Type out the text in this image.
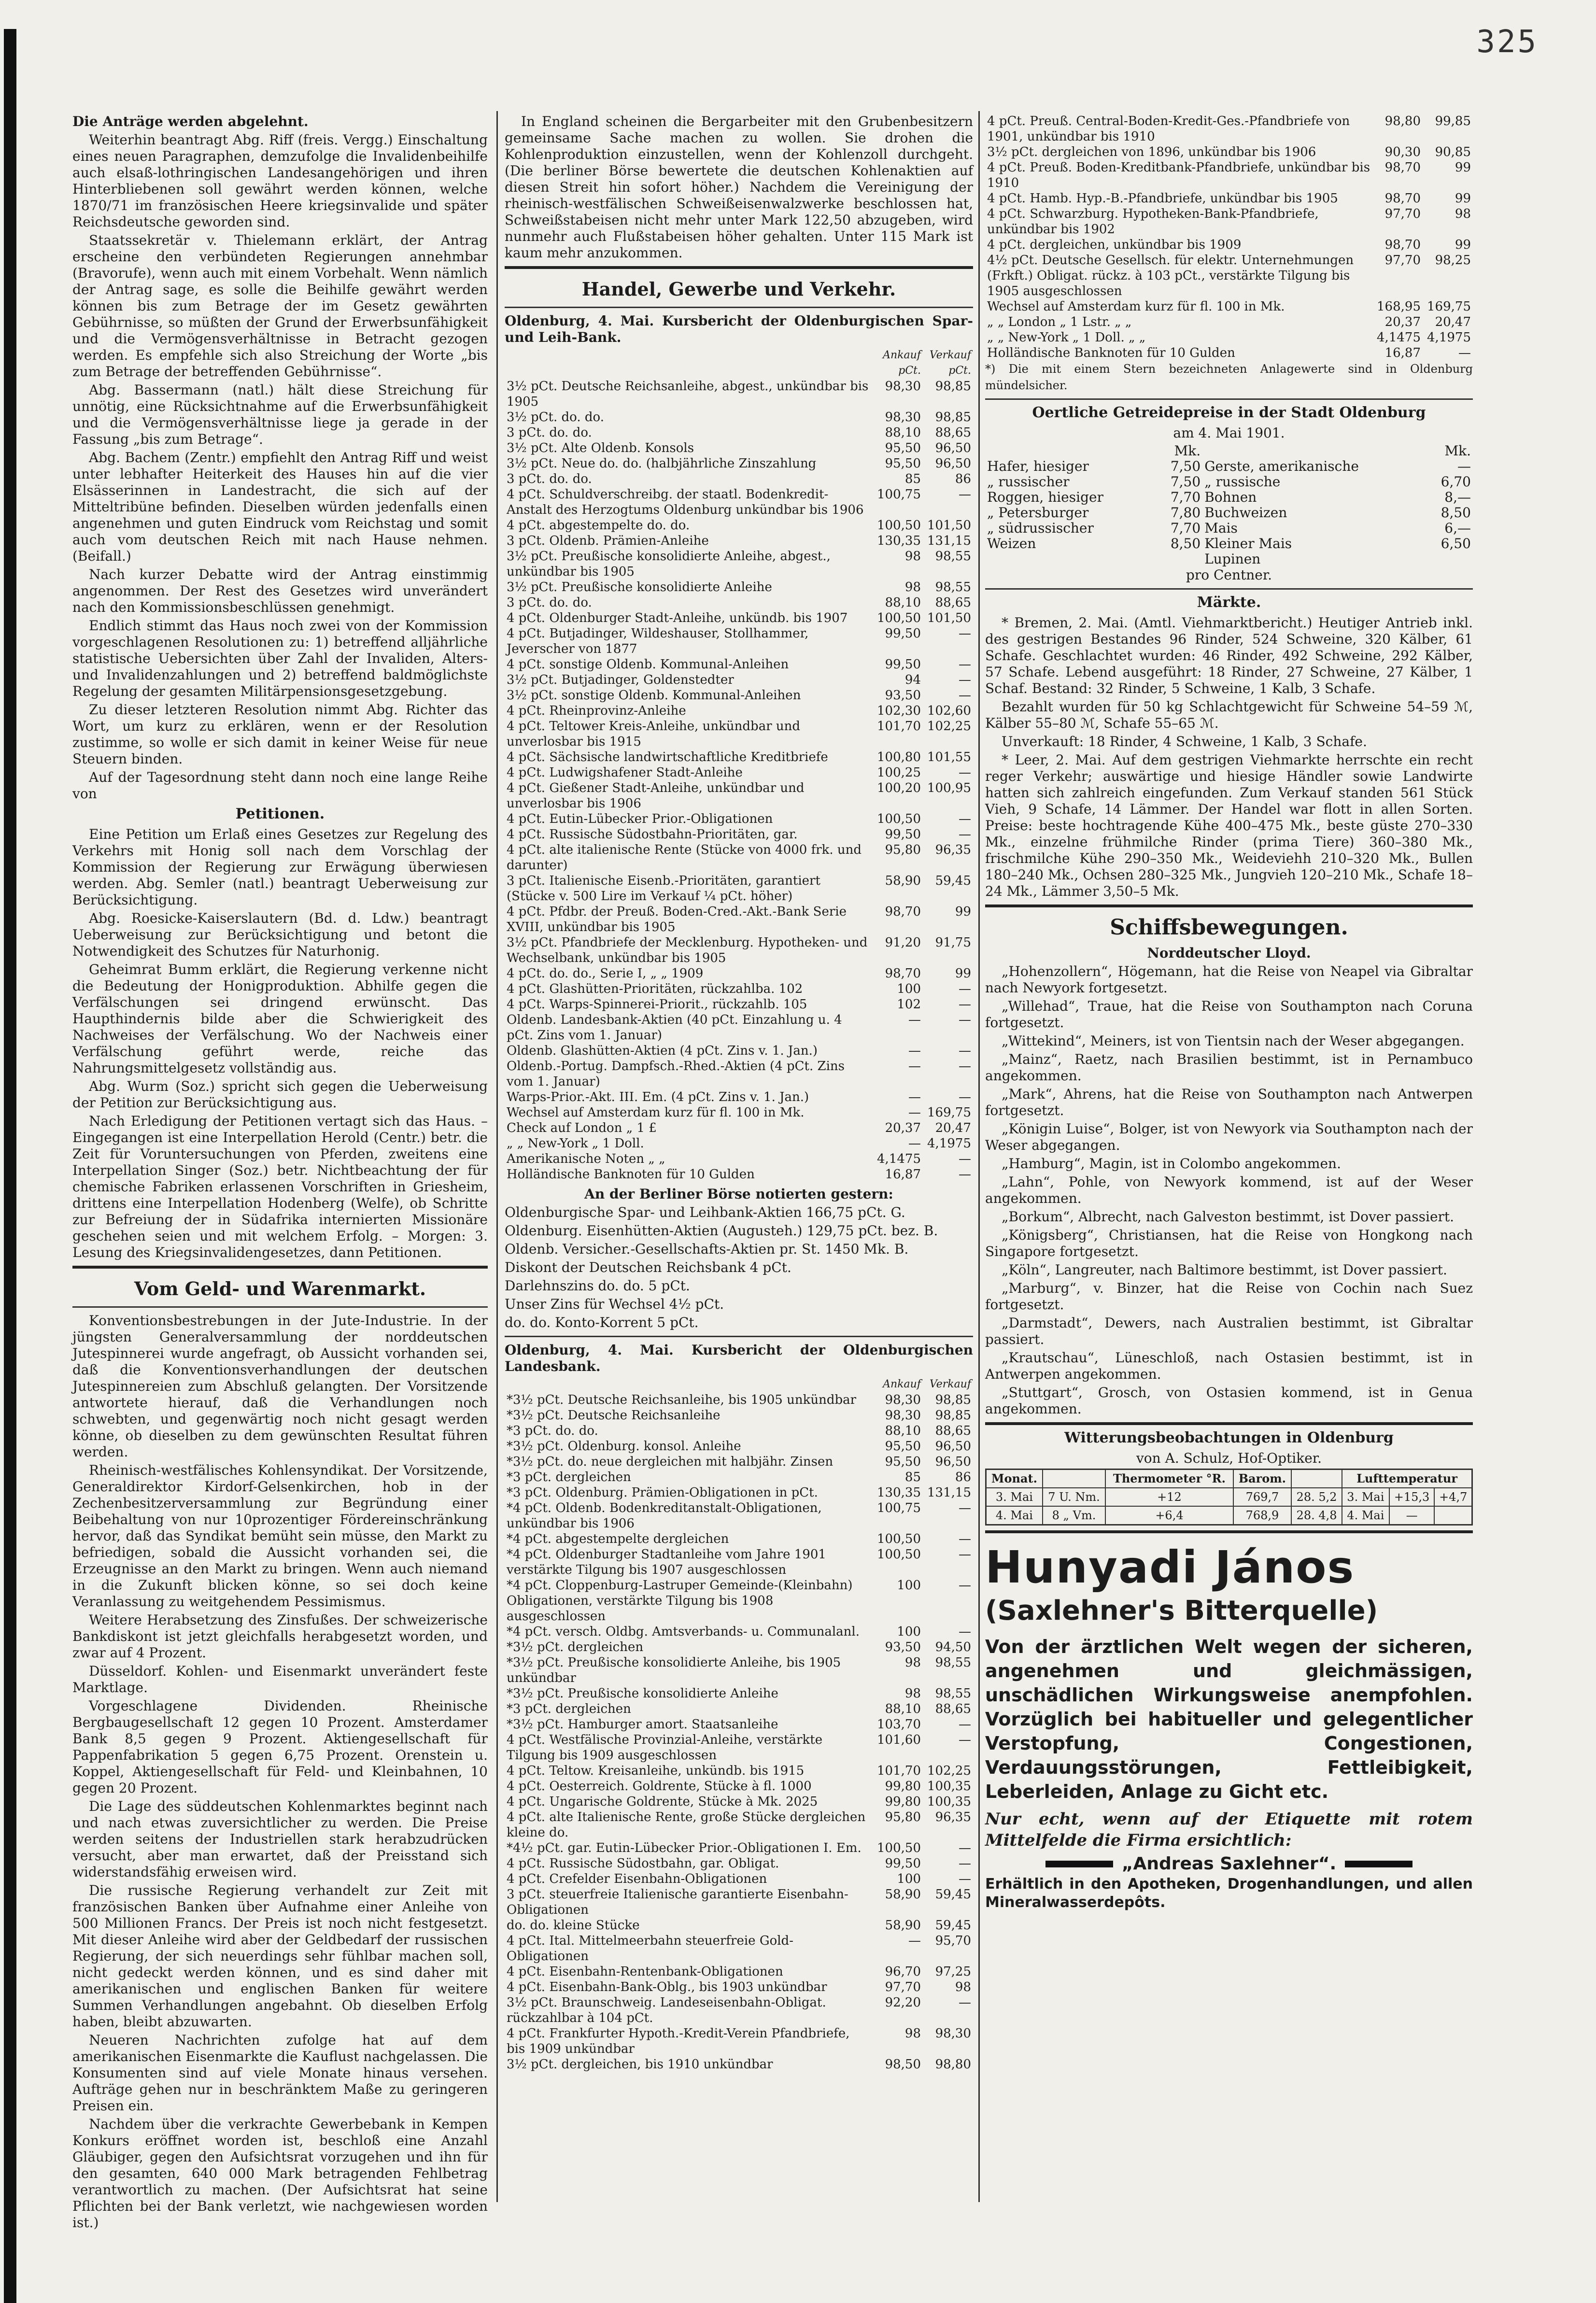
325

Die Anträge werden abgelehnt.

Weiterhin beantragt Abg. Riff (freis. Vergg.) Einschaltung eines neuen Paragraphen, demzufolge die Invalidenbeihilfe auch elsaß-lothringischen Landesangehörigen und ihren Hinterbliebenen soll gewährt werden können, welche 1870/71 im französischen Heere kriegsinvalide und später Reichsdeutsche geworden sind.

Staatssekretär v. Thielemann erklärt, der Antrag erscheine den verbündeten Regierungen annehmbar (Bravorufe), wenn auch mit einem Vorbehalt. Wenn nämlich der Antrag sage, es solle die Beihilfe gewährt werden können bis zum Betrage der im Gesetz gewährten Gebührnisse, so müßten der Grund der Erwerbsunfähigkeit und die Vermögensverhältnisse in Betracht gezogen werden. Es empfehle sich also Streichung der Worte „bis zum Betrage der betreffenden Gebührnisse“.

Abg. Bassermann (natl.) hält diese Streichung für unnötig, eine Rücksichtnahme auf die Erwerbsunfähigkeit und die Vermögensverhältnisse liege ja gerade in der Fassung „bis zum Betrage“.

Abg. Bachem (Zentr.) empfiehlt den Antrag Riff und weist unter lebhafter Heiterkeit des Hauses hin auf die vier Elsässerinnen in Landestracht, die sich auf der Mitteltribüne befinden. Dieselben würden jedenfalls einen angenehmen und guten Eindruck vom Reichstag und somit auch vom deutschen Reich mit nach Hause nehmen. (Beifall.)

Nach kurzer Debatte wird der Antrag einstimmig angenommen. Der Rest des Gesetzes wird unverändert nach den Kommissionsbeschlüssen genehmigt.

Endlich stimmt das Haus noch zwei von der Kommission vorgeschlagenen Resolutionen zu: 1) betreffend alljährliche statistische Uebersichten über Zahl der Invaliden, Alters- und Invalidenzahlungen und 2) betreffend baldmöglichste Regelung der gesamten Militärpensionsgesetzgebung.

Zu dieser letzteren Resolution nimmt Abg. Richter das Wort, um kurz zu erklären, wenn er der Resolution zustimme, so wolle er sich damit in keiner Weise für neue Steuern binden.

Auf der Tagesordnung steht dann noch eine lange Reihe von

Petitionen.

Eine Petition um Erlaß eines Gesetzes zur Regelung des Verkehrs mit Honig soll nach dem Vorschlag der Kommission der Regierung zur Erwägung überwiesen werden. Abg. Semler (natl.) beantragt Ueberweisung zur Berücksichtigung.

Abg. Roesicke-Kaiserslautern (Bd. d. Ldw.) beantragt Ueberweisung zur Berücksichtigung und betont die Notwendigkeit des Schutzes für Naturhonig.

Geheimrat Bumm erklärt, die Regierung verkenne nicht die Bedeutung der Honigproduktion. Abhilfe gegen die Verfälschungen sei dringend erwünscht. Das Haupthindernis bilde aber die Schwierigkeit des Nachweises der Verfälschung. Wo der Nachweis einer Verfälschung geführt werde, reiche das Nahrungsmittelgesetz vollständig aus.

Abg. Wurm (Soz.) spricht sich gegen die Ueberweisung der Petition zur Berücksichtigung aus.

Nach Erledigung der Petitionen vertagt sich das Haus. – Eingegangen ist eine Interpellation Herold (Centr.) betr. die Zeit für Voruntersuchungen von Pferden, zweitens eine Interpellation Singer (Soz.) betr. Nichtbeachtung der für chemische Fabriken erlassenen Vorschriften in Griesheim, drittens eine Interpellation Hodenberg (Welfe), ob Schritte zur Befreiung der in Südafrika internierten Missionäre geschehen seien und mit welchem Erfolg. – Morgen: 3. Lesung des Kriegsinvalidengesetzes, dann Petitionen.

Vom Geld- und Warenmarkt.

Konventionsbestrebungen in der Jute-Industrie. In der jüngsten Generalversammlung der norddeutschen Jutespinnerei wurde angefragt, ob Aussicht vorhanden sei, daß die Konventionsverhandlungen der deutschen Jutespinnereien zum Abschluß gelangten. Der Vorsitzende antwortete hierauf, daß die Verhandlungen noch schwebten, und gegenwärtig noch nicht gesagt werden könne, ob dieselben zu dem gewünschten Resultat führen werden.

Rheinisch-westfälisches Kohlensyndikat. Der Vorsitzende, Generaldirektor Kirdorf-Gelsenkirchen, hob in der Zechenbesitzerversammlung zur Begründung einer Beibehaltung von nur 10prozentiger Fördereinschränkung hervor, daß das Syndikat bemüht sein müsse, den Markt zu befriedigen, sobald die Aussicht vorhanden sei, die Erzeugnisse an den Markt zu bringen. Wenn auch niemand in die Zukunft blicken könne, so sei doch keine Veranlassung zu weitgehendem Pessimismus.

Weitere Herabsetzung des Zinsfußes. Der schweizerische Bankdiskont ist jetzt gleichfalls herabgesetzt worden, und zwar auf 4 Prozent.

Düsseldorf. Kohlen- und Eisenmarkt unverändert feste Marktlage.

Vorgeschlagene Dividenden. Rheinische Bergbaugesellschaft 12 gegen 10 Prozent. Amsterdamer Bank 8,5 gegen 9 Prozent. Aktiengesellschaft für Pappenfabrikation 5 gegen 6,75 Prozent. Orenstein u. Koppel, Aktiengesellschaft für Feld- und Kleinbahnen, 10 gegen 20 Prozent.

Die Lage des süddeutschen Kohlenmarktes beginnt nach und nach etwas zuversichtlicher zu werden. Die Preise werden seitens der Industriellen stark herabzudrücken versucht, aber man erwartet, daß der Preisstand sich widerstandsfähig erweisen wird.

Die russische Regierung verhandelt zur Zeit mit französischen Banken über Aufnahme einer Anleihe von 500 Millionen Francs. Der Preis ist noch nicht festgesetzt. Mit dieser Anleihe wird aber der Geldbedarf der russischen Regierung, der sich neuerdings sehr fühlbar machen soll, nicht gedeckt werden können, und es sind daher mit amerikanischen und englischen Banken für weitere Summen Verhandlungen angebahnt. Ob dieselben Erfolg haben, bleibt abzuwarten.

Neueren Nachrichten zufolge hat auf dem amerikanischen Eisenmarkte die Kauflust nachgelassen. Die Konsumenten sind auf viele Monate hinaus versehen. Aufträge gehen nur in beschränktem Maße zu geringeren Preisen ein.

Nachdem über die verkrachte Gewerbebank in Kempen Konkurs eröffnet worden ist, beschloß eine Anzahl Gläubiger, gegen den Aufsichtsrat vorzugehen und ihn für den gesamten, 640 000 Mark betragenden Fehlbetrag verantwortlich zu machen. (Der Aufsichtsrat hat seine Pflichten bei der Bank verletzt, wie nachgewiesen worden ist.)

In England scheinen die Bergarbeiter mit den Grubenbesitzern gemeinsame Sache machen zu wollen. Sie drohen die Kohlenproduktion einzustellen, wenn der Kohlenzoll durchgeht. (Die berliner Börse bewertete die deutschen Kohlenaktien auf diesen Streit hin sofort höher.) Nachdem die Vereinigung der rheinisch-westfälischen Schweißeisenwalzwerke beschlossen hat, Schweißstabeisen nicht mehr unter Mark 122,50 abzugeben, wird nunmehr auch Flußstabeisen höher gehalten. Unter 115 Mark ist kaum mehr anzukommen.

Handel, Gewerbe und Verkehr.

Oldenburg, 4. Mai. Kursbericht der Oldenburgischen Spar- und Leih-Bank.

	Ankauf	Verkauf
	pCt.	pCt.
3½ pCt. Deutsche Reichsanleihe, abgest., unkündbar bis 1905	98,30	98,85
3½ pCt. do. do.	98,30	98,85
3 pCt. do. do.	88,10	88,65
3½ pCt. Alte Oldenb. Konsols	95,50	96,50
3½ pCt. Neue do. do. (halbjährliche Zinszahlung	95,50	96,50
3 pCt. do. do.	85	86
4 pCt. Schuldverschreibg. der staatl. Bodenkredit-Anstalt des Herzogtums Oldenburg unkündbar bis 1906	100,75	—
4 pCt. abgestempelte do. do.	100,50	101,50
3 pCt. Oldenb. Prämien-Anleihe	130,35	131,15
3½ pCt. Preußische konsolidierte Anleihe, abgest., unkündbar bis 1905	98	98,55
3½ pCt. Preußische konsolidierte Anleihe	98	98,55
3 pCt. do. do.	88,10	88,65
4 pCt. Oldenburger Stadt-Anleihe, unkündb. bis 1907	100,50	101,50
4 pCt. Butjadinger, Wildeshauser, Stollhammer, Jeverscher von 1877	99,50	—
4 pCt. sonstige Oldenb. Kommunal-Anleihen	99,50	—
3½ pCt. Butjadinger, Goldenstedter	94	—
3½ pCt. sonstige Oldenb. Kommunal-Anleihen	93,50	—
4 pCt. Rheinprovinz-Anleihe	102,30	102,60
4 pCt. Teltower Kreis-Anleihe, unkündbar und unverlosbar bis 1915	101,70	102,25
4 pCt. Sächsische landwirtschaftliche Kreditbriefe	100,80	101,55
4 pCt. Ludwigshafener Stadt-Anleihe	100,25	—
4 pCt. Gießener Stadt-Anleihe, unkündbar und unverlosbar bis 1906	100,20	100,95
4 pCt. Eutin-Lübecker Prior.-Obligationen	100,50	—
4 pCt. Russische Südostbahn-Prioritäten, gar.	99,50	—
4 pCt. alte italienische Rente (Stücke von 4000 frk. und darunter)	95,80	96,35
3 pCt. Italienische Eisenb.-Prioritäten, garantiert (Stücke v. 500 Lire im Verkauf ¼ pCt. höher)	58,90	59,45
4 pCt. Pfdbr. der Preuß. Boden-Cred.-Akt.-Bank Serie XVIII, unkündbar bis 1905	98,70	99
3½ pCt. Pfandbriefe der Mecklenburg. Hypotheken- und Wechselbank, unkündbar bis 1905	91,20	91,75
4 pCt. do. do., Serie I, „ „ 1909	98,70	99
4 pCt. Glashütten-Prioritäten, rückzahlba. 102	100	—
4 pCt. Warps-Spinnerei-Priorit., rückzahlb. 105	102	—
Oldenb. Landesbank-Aktien (40 pCt. Einzahlung u. 4 pCt. Zins vom 1. Januar)	—	—
Oldenb. Glashütten-Aktien (4 pCt. Zins v. 1. Jan.)	—	—
Oldenb.-Portug. Dampfsch.-Rhed.-Aktien (4 pCt. Zins vom 1. Januar)	—	—
Warps-Prior.-Akt. III. Em. (4 pCt. Zins v. 1. Jan.)	—	—
Wechsel auf Amsterdam kurz für fl. 100 in Mk.	—	169,75
Check auf London „ 1 £	20,37	20,47
„ „ New-York „ 1 Doll.	—	4,1975
Amerikanische Noten „ „	4,1475	—
Holländische Banknoten für 10 Gulden	16,87	—

An der Berliner Börse notierten gestern:

Oldenburgische Spar- und Leihbank-Aktien 166,75 pCt. G.

Oldenburg. Eisenhütten-Aktien (Augusteh.) 129,75 pCt. bez. B.

Oldenb. Versicher.-Gesellschafts-Aktien pr. St. 1450 Mk. B.

Diskont der Deutschen Reichsbank 4 pCt.

Darlehnszins do. do. 5 pCt.

Unser Zins für Wechsel 4½ pCt.

do. do. Konto-Korrent 5 pCt.

Oldenburg, 4. Mai. Kursbericht der Oldenburgischen Landesbank.

	Ankauf	Verkauf
*3½ pCt. Deutsche Reichsanleihe, bis 1905 unkündbar	98,30	98,85
*3½ pCt. Deutsche Reichsanleihe	98,30	98,85
*3 pCt. do. do.	88,10	88,65
*3½ pCt. Oldenburg. konsol. Anleihe	95,50	96,50
*3½ pCt. do. neue dergleichen mit halbjähr. Zinsen	95,50	96,50
*3 pCt. dergleichen	85	86
*3 pCt. Oldenburg. Prämien-Obligationen in pCt.	130,35	131,15
*4 pCt. Oldenb. Bodenkreditanstalt-Obligationen, unkündbar bis 1906	100,75	—
*4 pCt. abgestempelte dergleichen	100,50	—
*4 pCt. Oldenburger Stadtanleihe vom Jahre 1901 verstärkte Tilgung bis 1907 ausgeschlossen	100,50	—
*4 pCt. Cloppenburg-Lastruper Gemeinde-(Kleinbahn) Obligationen, verstärkte Tilgung bis 1908 ausgeschlossen	100	—
*4 pCt. versch. Oldbg. Amtsverbands- u. Communalanl.	100	—
*3½ pCt. dergleichen	93,50	94,50
*3½ pCt. Preußische konsolidierte Anleihe, bis 1905 unkündbar	98	98,55
*3½ pCt. Preußische konsolidierte Anleihe	98	98,55
*3 pCt. dergleichen	88,10	88,65
*3½ pCt. Hamburger amort. Staatsanleihe	103,70	—
4 pCt. Westfälische Provinzial-Anleihe, verstärkte Tilgung bis 1909 ausgeschlossen	101,60	—
4 pCt. Teltow. Kreisanleihe, unkündb. bis 1915	101,70	102,25
4 pCt. Oesterreich. Goldrente, Stücke à fl. 1000	99,80	100,35
4 pCt. Ungarische Goldrente, Stücke à Mk. 2025	99,80	100,35
4 pCt. alte Italienische Rente, große Stücke dergleichen kleine do.	95,80	96,35
*4½ pCt. gar. Eutin-Lübecker Prior.-Obligationen I. Em.	100,50	—
4 pCt. Russische Südostbahn, gar. Obligat.	99,50	—
4 pCt. Crefelder Eisenbahn-Obligationen	100	—
3 pCt. steuerfreie Italienische garantierte Eisenbahn-Obligationen	58,90	59,45
do. do. kleine Stücke	58,90	59,45
4 pCt. Ital. Mittelmeerbahn steuerfreie Gold-Obligationen	—	95,70
4 pCt. Eisenbahn-Rentenbank-Obligationen	96,70	97,25
4 pCt. Eisenbahn-Bank-Oblg., bis 1903 unkündbar	97,70	98
3½ pCt. Braunschweig. Landeseisenbahn-Obligat. rückzahlbar à 104 pCt.	92,20	—
4 pCt. Frankfurter Hypoth.-Kredit-Verein Pfandbriefe, bis 1909 unkündbar	98	98,30
3½ pCt. dergleichen, bis 1910 unkündbar	98,50	98,80
4 pCt. Preuß. Central-Boden-Kredit-Ges.-Pfandbriefe von 1901, unkündbar bis 1910	98,80	99,85
3½ pCt. dergleichen von 1896, unkündbar bis 1906	90,30	90,85
4 pCt. Preuß. Boden-Kreditbank-Pfandbriefe, unkündbar bis 1910	98,70	99
4 pCt. Hamb. Hyp.-B.-Pfandbriefe, unkündbar bis 1905	98,70	99
4 pCt. Schwarzburg. Hypotheken-Bank-Pfandbriefe, unkündbar bis 1902	97,70	98
4 pCt. dergleichen, unkündbar bis 1909	98,70	99
4½ pCt. Deutsche Gesellsch. für elektr. Unternehmungen (Frkft.) Obligat. rückz. à 103 pCt., verstärkte Tilgung bis 1905 ausgeschlossen	97,70	98,25
Wechsel auf Amsterdam kurz für fl. 100 in Mk.	168,95	169,75
„ „ London „ 1 Lstr. „ „	20,37	20,47
„ „ New-York „ 1 Doll. „ „	4,1475	4,1975
Holländische Banknoten für 10 Gulden	16,87	—

*) Die mit einem Stern bezeichneten Anlagewerte sind in Oldenburg mündelsicher.

Oertliche Getreidepreise in der Stadt Oldenburg

am 4. Mai 1901.

	Mk.		Mk.
Hafer, hiesiger	7,50	Gerste, amerikanische	—
„ russischer	7,50	„ russische	6,70
Roggen, hiesiger	7,70	Bohnen	8,—
„ Petersburger	7,80	Buchweizen	8,50
„ südrussischer	7,70	Mais	6,—
Weizen	8,50	Kleiner Mais	6,50
		Lupinen	

pro Centner.

Märkte.

* Bremen, 2. Mai. (Amtl. Viehmarktbericht.) Heutiger Antrieb inkl. des gestrigen Bestandes 96 Rinder, 524 Schweine, 320 Kälber, 61 Schafe. Geschlachtet wurden: 46 Rinder, 492 Schweine, 292 Kälber, 57 Schafe. Lebend ausgeführt: 18 Rinder, 27 Schweine, 27 Kälber, 1 Schaf. Bestand: 32 Rinder, 5 Schweine, 1 Kalb, 3 Schafe.

Bezahlt wurden für 50 kg Schlachtgewicht für Schweine 54–59 ℳ, Kälber 55–80 ℳ, Schafe 55–65 ℳ.

Unverkauft: 18 Rinder, 4 Schweine, 1 Kalb, 3 Schafe.

* Leer, 2. Mai. Auf dem gestrigen Viehmarkte herrschte ein recht reger Verkehr; auswärtige und hiesige Händler sowie Landwirte hatten sich zahlreich eingefunden. Zum Verkauf standen 561 Stück Vieh, 9 Schafe, 14 Lämmer. Der Handel war flott in allen Sorten. Preise: beste hochtragende Kühe 400–475 Mk., beste güste 270–330 Mk., einzelne frühmilche Rinder (prima Tiere) 360–380 Mk., frischmilche Kühe 290–350 Mk., Weideviehh 210–320 Mk., Bullen 180–240 Mk., Ochsen 280–325 Mk., Jungvieh 120–210 Mk., Schafe 18–24 Mk., Lämmer 3,50–5 Mk.

Schiffsbewegungen.

Norddeutscher Lloyd.

„Hohenzollern“, Högemann, hat die Reise von Neapel via Gibraltar nach Newyork fortgesetzt.

„Willehad“, Traue, hat die Reise von Southampton nach Coruna fortgesetzt.

„Wittekind“, Meiners, ist von Tientsin nach der Weser abgegangen.

„Mainz“, Raetz, nach Brasilien bestimmt, ist in Pernambuco angekommen.

„Mark“, Ahrens, hat die Reise von Southampton nach Antwerpen fortgesetzt.

„Königin Luise“, Bolger, ist von Newyork via Southampton nach der Weser abgegangen.

„Hamburg“, Magin, ist in Colombo angekommen.

„Lahn“, Pohle, von Newyork kommend, ist auf der Weser angekommen.

„Borkum“, Albrecht, nach Galveston bestimmt, ist Dover passiert.

„Königsberg“, Christiansen, hat die Reise von Hongkong nach Singapore fortgesetzt.

„Köln“, Langreuter, nach Baltimore bestimmt, ist Dover passiert.

„Marburg“, v. Binzer, hat die Reise von Cochin nach Suez fortgesetzt.

„Darmstadt“, Dewers, nach Australien bestimmt, ist Gibraltar passiert.

„Krautschau“, Lüneschloß, nach Ostasien bestimmt, ist in Antwerpen angekommen.

„Stuttgart“, Grosch, von Ostasien kommend, ist in Genua angekommen.

Witterungsbeobachtungen in Oldenburg

von A. Schulz, Hof-Optiker.

Monat.		Thermometer °R.	Barom.		Lufttemperatur		
3. Mai	7 U. Nm.	+12	769,7	28. 5,2	3. Mai	+15,3	+4,7
4. Mai	8 „ Vm.	+6,4	768,9	28. 4,8	4. Mai	—	

Hunyadi János

(Saxlehner's Bitterquelle)

Von der ärztlichen Welt wegen der sicheren, angenehmen und gleichmässigen, unschädlichen Wirkungsweise anempfohlen. Vorzüglich bei habitueller und gelegentlicher Verstopfung, Congestionen, Verdauungsstörungen, Fettleibigkeit, Leberleiden, Anlage zu Gicht etc.

Nur echt, wenn auf der Etiquette mit rotem Mittelfelde die Firma ersichtlich:

„Andreas Saxlehner“.

Erhältlich in den Apotheken, Drogenhandlungen, und allen Mineralwasserdepôts.
